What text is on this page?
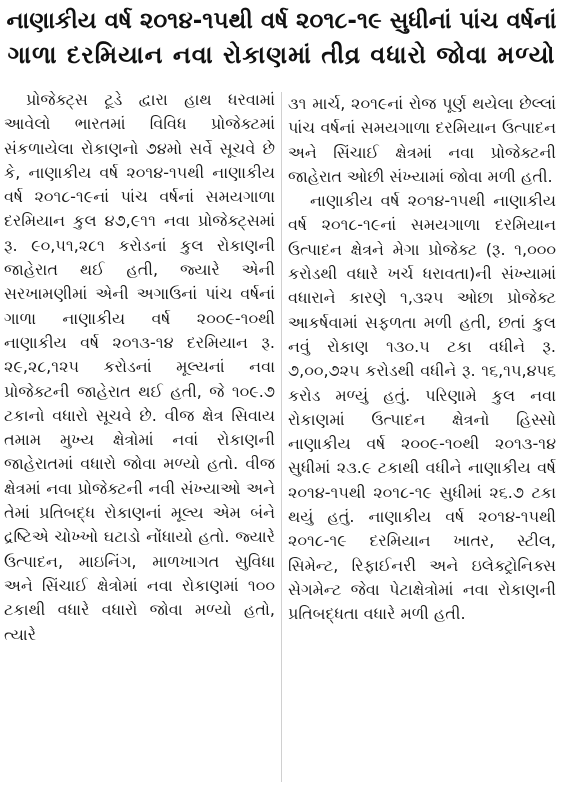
નાણાકીય વર્ષ ૨૦૧૪-૧૫થી વર્ષ ૨૦૧૮-૧૯ સુધીનાં પાંચ વર્ષનાં
ગાળા દરમિયાન નવા રોકાણમાં તીવ્ર વધારો જોવા મળ્યો

પ્રોજેક્ટ્સ ટૂડે દ્વારા હાથ ધરવામાં આવેલો ભારતમાં વિવિધ પ્રોજેક્ટમાં સંકળાયેલા રોકાણનો ૭૪મો સર્વે સૂચવે છે કે, નાણાકીય વર્ષ ૨૦૧૪-૧૫થી નાણાકીય વર્ષ ૨૦૧૮-૧૯નાં પાંચ વર્ષનાં સમયગાળા દરમિયાન કુલ ૪૭,૯૧૧ નવા પ્રોજેક્ટ્સમાં રૂ. ૯૦,૫૧,૨૮૧ કરોડનાં કુલ રોકાણની જાહેરાત થઈ હતી, જ્યારે એની સરખામણીમાં એની અગાઉનાં પાંચ વર્ષનાં ગાળા નાણાકીય વર્ષ ૨૦૦૯-૧૦થી નાણાકીય વર્ષ ૨૦૧૩-૧૪ દરમિયાન રૂ. ૨૯,૨૮,૧૨૫ કરોડનાં મૂલ્યનાં નવા પ્રોજેક્ટની જાહેરાત થઈ હતી, જે ૧૦૯.૭ ટકાનો વધારો સૂચવે છે. વીજ ક્ષેત્ર સિવાય તમામ મુખ્ય ક્ષેત્રોમાં નવાં રોકાણની જાહેરાતમાં વધારો જોવા મળ્યો હતો. વીજ ક્ષેત્રમાં નવા પ્રોજેક્ટની નવી સંખ્યાઓ અને તેમાં પ્રતિબદ્ધ રોકાણનાં મૂલ્ય એમ બંને દ્રષ્ટિએ ચોખ્ખો ઘટાડો નોંધાયો હતો. જ્યારે ઉત્પાદન, માઇનિંગ, માળખાગત સુવિધા અને સિંચાઈ ક્ષેત્રોમાં નવા રોકાણમાં ૧૦૦ ટકાથી વધારે વધારો જોવા મળ્યો હતો, ત્યારે

૩૧ માર્ચ, ૨૦૧૯નાં રોજ પૂર્ણ થયેલા છેલ્લાં પાંચ વર્ષનાં સમયગાળા દરમિયાન ઉત્પાદન અને સિંચાઈ ક્ષેત્રમાં નવા પ્રોજેક્ટની જાહેરાત ઓછી સંખ્યામાં જોવા મળી હતી.

નાણાકીય વર્ષ ૨૦૧૪-૧૫થી નાણાકીય વર્ષ ૨૦૧૮-૧૯નાં સમયગાળા દરમિયાન ઉત્પાદન ક્ષેત્રને મેગા પ્રોજેક્ટ (રૂ. ૧,૦૦૦ કરોડથી વધારે ખર્ચ ધરાવતા)ની સંખ્યામાં વધારાને કારણે ૧,૩૨૫ ઓછા પ્રોજેક્ટ આકર્ષવામાં સફળતા મળી હતી, છતાં કુલ નવું રોકાણ ૧૩૦.૫ ટકા વધીને રૂ. ૭,૦૦,૭૨૫ કરોડથી વધીને રૂ. ૧૬,૧૫,૪૫૬ કરોડ મળ્યું હતું. પરિણામે કુલ નવા રોકાણમાં ઉત્પાદન ક્ષેત્રનો હિસ્સો નાણાકીય વર્ષ ૨૦૦૯-૧૦થી ૨૦૧૩-૧૪ સુધીમાં ૨૩.૯ ટકાથી વધીને નાણાકીય વર્ષ ૨૦૧૪-૧૫થી ૨૦૧૮-૧૯ સુધીમાં ૨૬.૭ ટકા થયું હતું. નાણાકીય વર્ષ ૨૦૧૪-૧૫થી ૨૦૧૮-૧૯ દરમિયાન ખાતર, સ્ટીલ, સિમેન્ટ, રિફાઈનરી અને ઇલેક્ટ્રોનિક્સ સેગમેન્ટ જેવા પેટાક્ષેત્રોમાં નવા રોકાણની પ્રતિબદ્ધતા વધારે મળી હતી.
